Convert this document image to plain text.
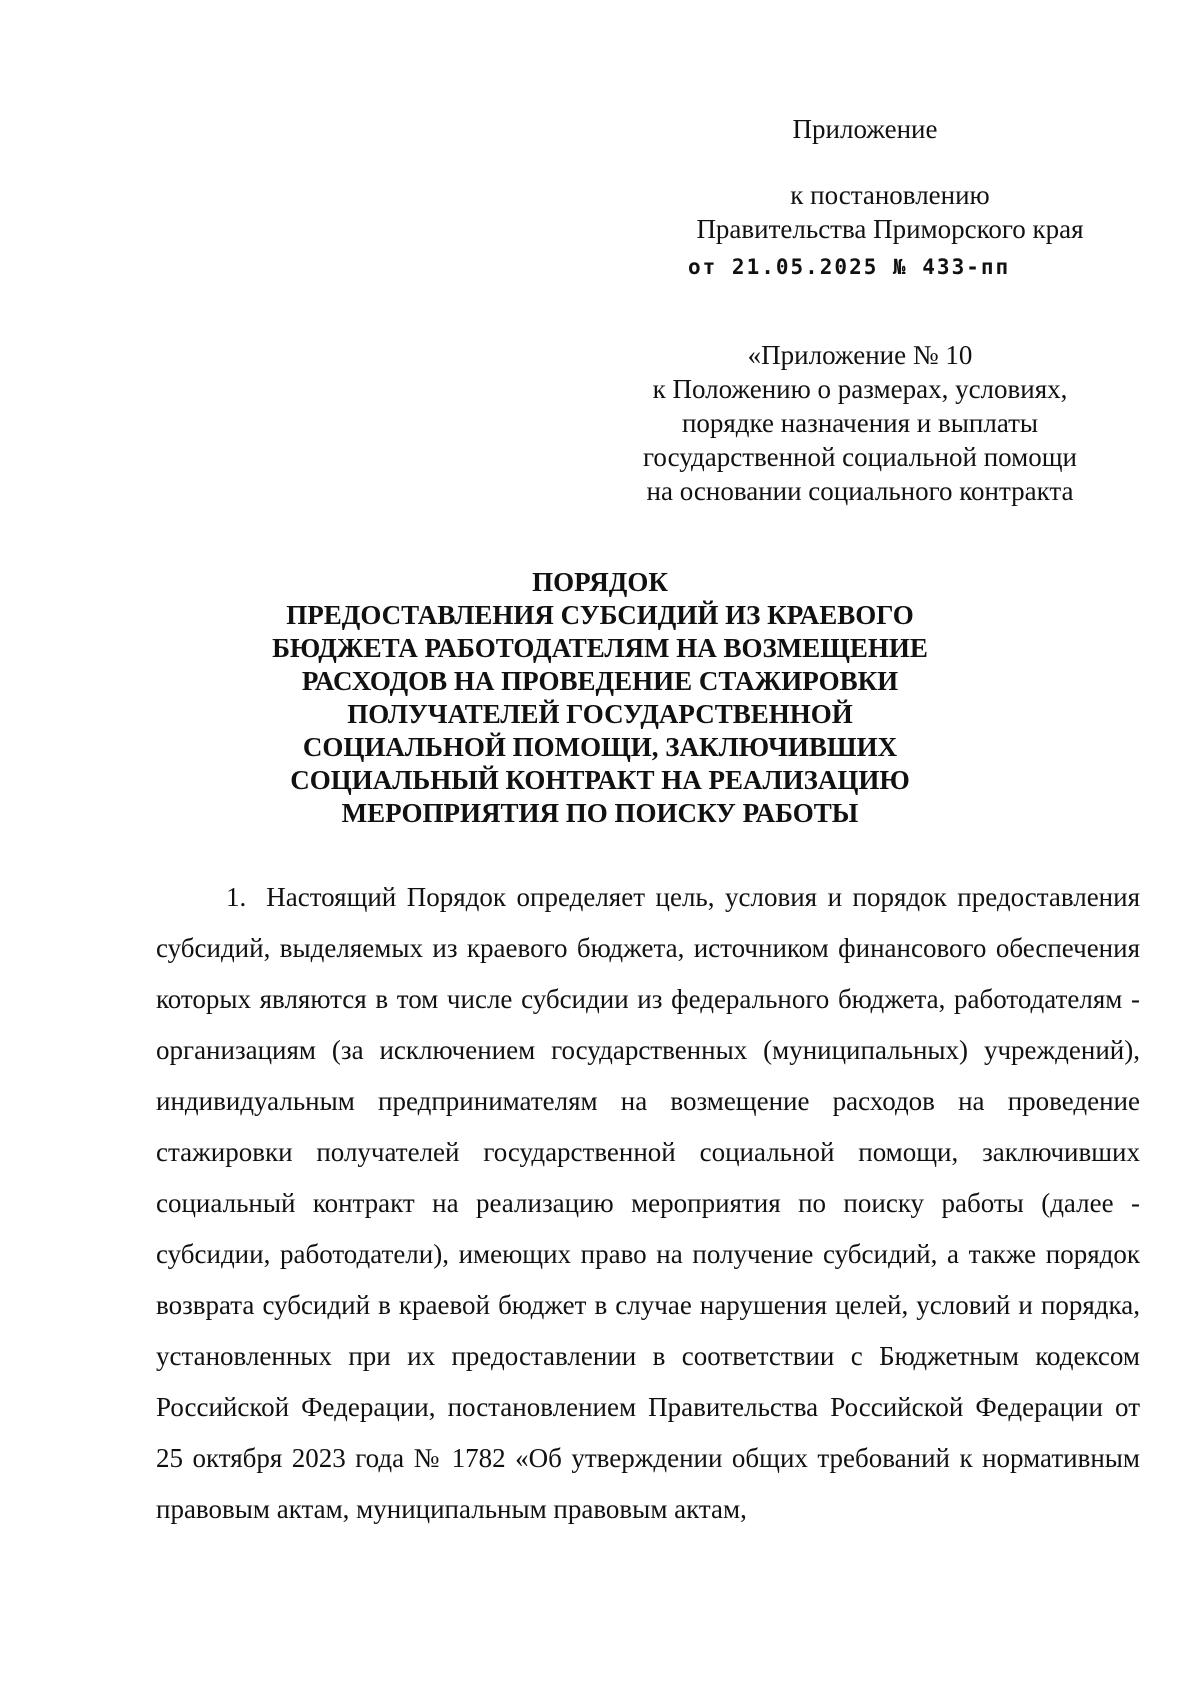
Приложение
к постановлению
Правительства Приморского края
от 21.05.2025 № 433-пп
«Приложение № 10
к Положению о размерах, условиях,
порядке назначения и выплаты
государственной социальной помощи
на основании социального контракта
ПОРЯДОК
ПРЕДОСТАВЛЕНИЯ СУБСИДИЙ ИЗ КРАЕВОГО
БЮДЖЕТА РАБОТОДАТЕЛЯМ НА ВОЗМЕЩЕНИЕ
РАСХОДОВ НА ПРОВЕДЕНИЕ СТАЖИРОВКИ
ПОЛУЧАТЕЛЕЙ ГОСУДАРСТВЕННОЙ
СОЦИАЛЬНОЙ ПОМОЩИ, ЗАКЛЮЧИВШИХ
СОЦИАЛЬНЫЙ КОНТРАКТ НА РЕАЛИЗАЦИЮ
МЕРОПРИЯТИЯ ПО ПОИСКУ РАБОТЫ

1. Настоящий Порядок определяет цель, условия и порядок предоставления субсидий, выделяемых из краевого бюджета, источником финансового обеспечения которых являются в том числе субсидии из федерального бюджета, работодателям - организациям (за исключением государственных (муниципальных) учреждений), индивидуальным предпринимателям на возмещение расходов на проведение стажировки получателей государственной социальной помощи, заключивших социальный контракт на реализацию мероприятия по поиску работы (далее - субсидии, работодатели), имеющих право на получение субсидий, а также порядок возврата субсидий в краевой бюджет в случае нарушения целей, условий и порядка, установленных при их предоставлении в соответствии с Бюджетным кодексом Российской Федерации, постановлением Правительства Российской Федерации от 25 октября 2023 года № 1782 «Об утверждении общих требований к нормативным правовым актам, муниципальным правовым актам,
